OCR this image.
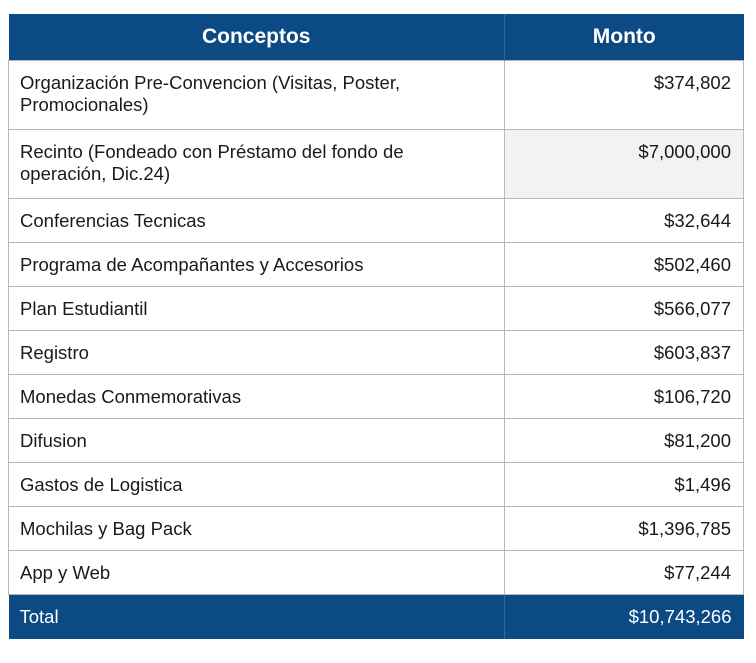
Conceptos	Monto
Organización Pre-Convencion (Visitas, Poster, Promocionales)	$374,802
Recinto (Fondeado con Préstamo del fondo de operación, Dic.24)	$7,000,000
Conferencias Tecnicas	$32,644
Programa de Acompañantes y Accesorios	$502,460
Plan Estudiantil	$566,077
Registro	$603,837
Monedas Conmemorativas	$106,720
Difusion	$81,200
Gastos de Logistica	$1,496
Mochilas y Bag Pack	$1,396,785
App y Web	$77,244
Total	$10,743,266
